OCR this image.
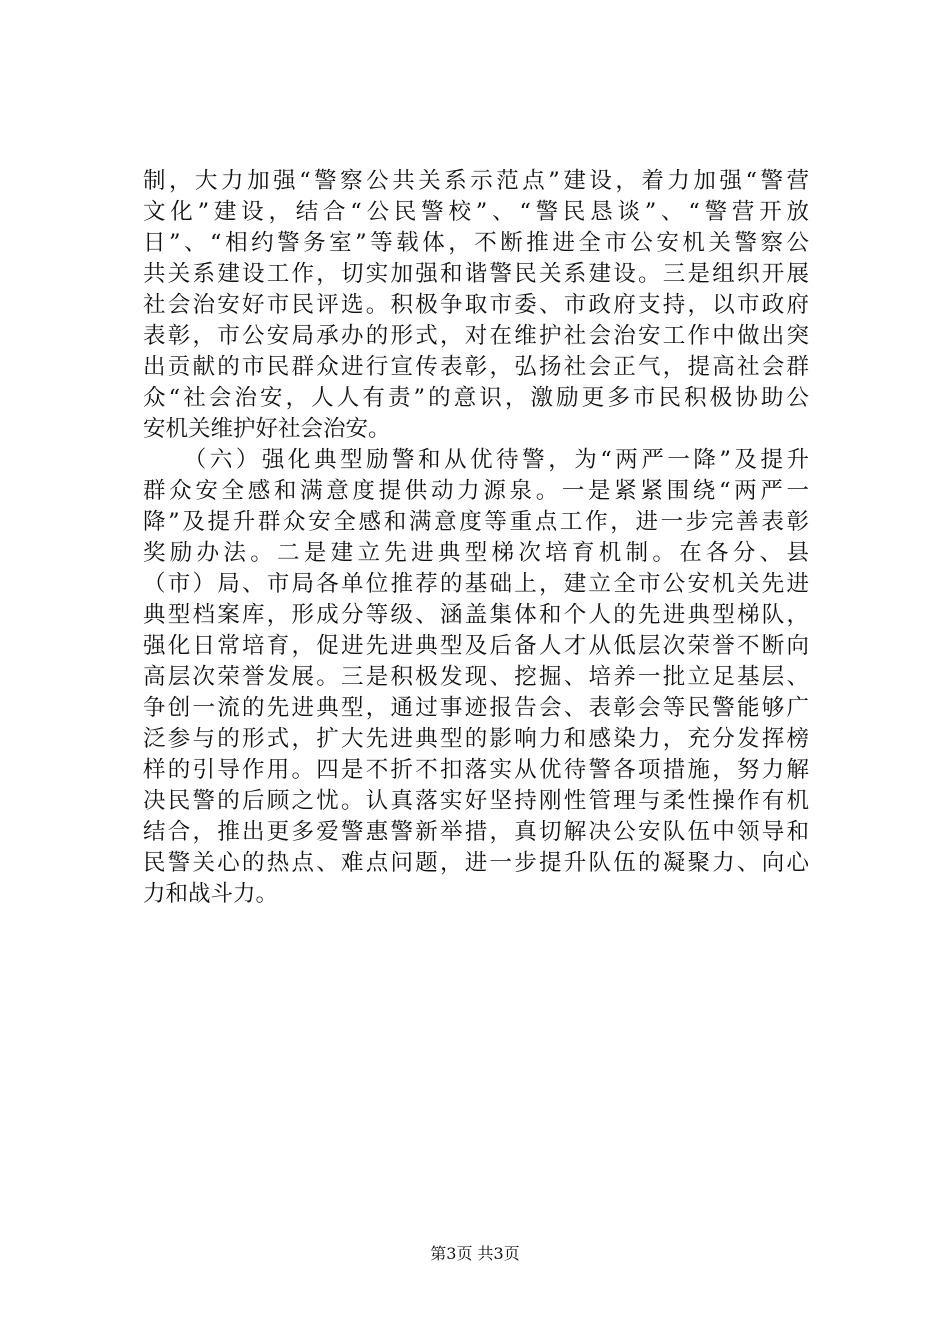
制，大力加强“警察公共关系示范点”建设，着力加强“警营
文化”建设，结合“公民警校”、“警民恳谈”、“警营开放
日”、“相约警务室”等载体，不断推进全市公安机关警察公
共关系建设工作，切实加强和谐警民关系建设。三是组织开展
社会治安好市民评选。积极争取市委、市政府支持，以市政府
表彰，市公安局承办的形式，对在维护社会治安工作中做出突
出贡献的市民群众进行宣传表彰，弘扬社会正气，提高社会群
众“社会治安，人人有责”的意识，激励更多市民积极协助公
安机关维护好社会治安。
　　（六）强化典型励警和从优待警，为“两严一降”及提升
群众安全感和满意度提供动力源泉。一是紧紧围绕“两严一
降”及提升群众安全感和满意度等重点工作，进一步完善表彰
奖励办法。二是建立先进典型梯次培育机制。在各分、县
（市）局、市局各单位推荐的基础上，建立全市公安机关先进
典型档案库，形成分等级、涵盖集体和个人的先进典型梯队，
强化日常培育，促进先进典型及后备人才从低层次荣誉不断向
高层次荣誉发展。三是积极发现、挖掘、培养一批立足基层、
争创一流的先进典型，通过事迹报告会、表彰会等民警能够广
泛参与的形式，扩大先进典型的影响力和感染力，充分发挥榜
样的引导作用。四是不折不扣落实从优待警各项措施，努力解
决民警的后顾之忧。认真落实好坚持刚性管理与柔性操作有机
结合，推出更多爱警惠警新举措，真切解决公安队伍中领导和
民警关心的热点、难点问题，进一步提升队伍的凝聚力、向心
力和战斗力。
第3页 共3页
